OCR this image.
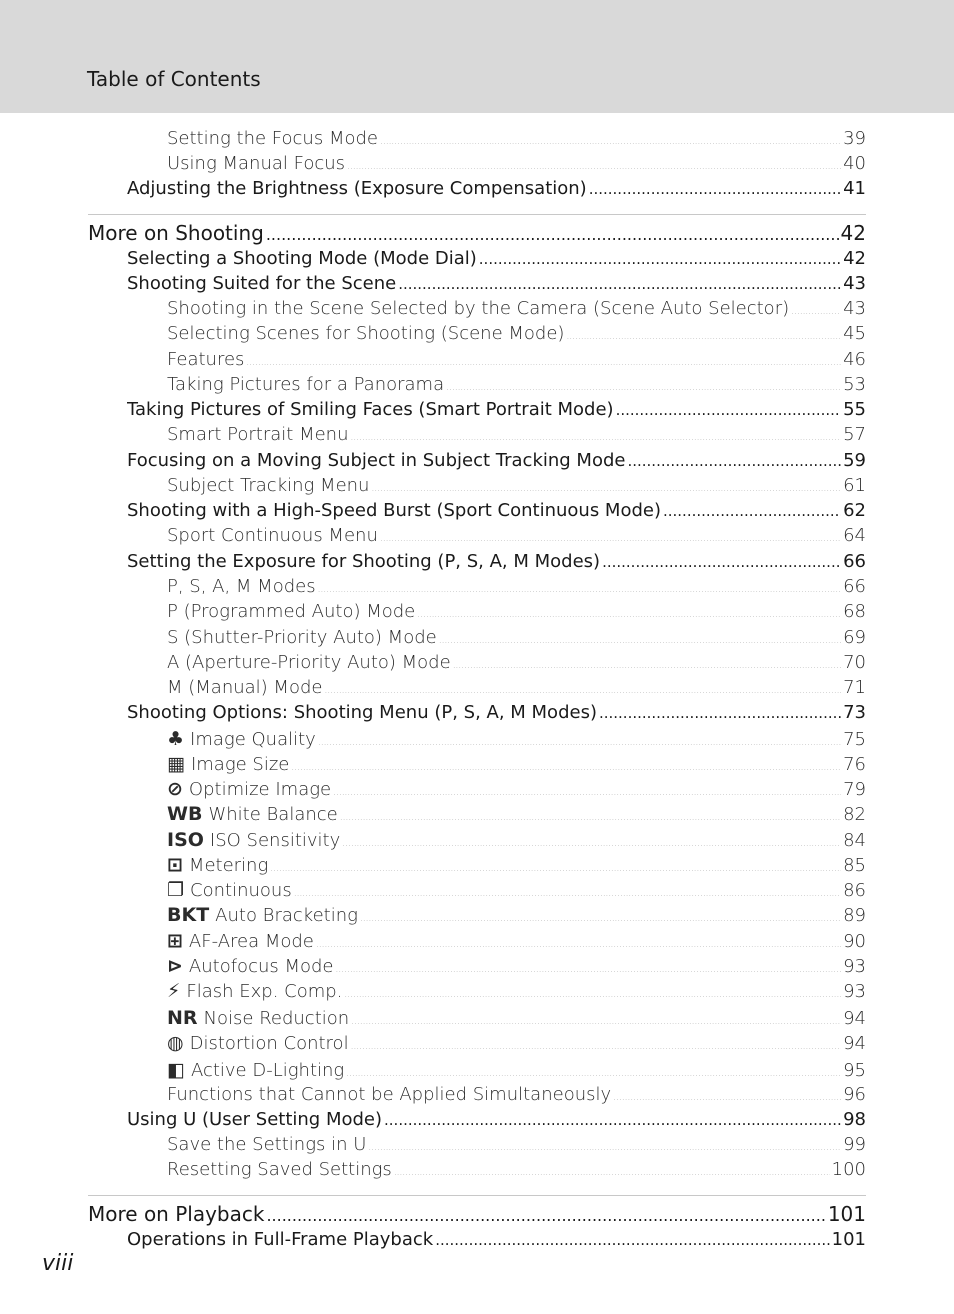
Table of Contents
Setting the Focus Mode .....	39
Using Manual Focus .....	40
Adjusting the Brightness (Exposure Compensation) .....	41
More on Shooting .....	42
Selecting a Shooting Mode (Mode Dial) .....	42
Shooting Suited for the Scene .....	43
Shooting in the Scene Selected by the Camera (Scene Auto Selector) .....	43
Selecting Scenes for Shooting (Scene Mode) .....	45
Features .....	46
Taking Pictures for a Panorama .....	53
Taking Pictures of Smiling Faces (Smart Portrait Mode) .....	55
Smart Portrait Menu .....	57
Focusing on a Moving Subject in Subject Tracking Mode .....	59
Subject Tracking Menu .....	61
Shooting with a High-Speed Burst (Sport Continuous Mode) .....	62
Sport Continuous Menu .....	64
Setting the Exposure for Shooting (P, S, A, M Modes) .....	66
P, S, A, M Modes .....	66
P (Programmed Auto) Mode .....	68
S (Shutter-Priority Auto) Mode .....	69
A (Aperture-Priority Auto) Mode .....	70
M (Manual) Mode .....	71
Shooting Options: Shooting Menu (P, S, A, M Modes) .....	73
♣ Image Quality .....	75
▦ Image Size .....	76
⊘ Optimize Image .....	79
WB White Balance .....	82
ISO ISO Sensitivity .....	84
⊡ Metering .....	85
❐ Continuous .....	86
BKT Auto Bracketing .....	89
⊞ AF-Area Mode .....	90
⊳ Autofocus Mode .....	93
⚡ Flash Exp. Comp. .....	93
NR Noise Reduction .....	94
◍ Distortion Control .....	94
◧ Active D-Lighting .....	95
Functions that Cannot be Applied Simultaneously .....	96
Using U (User Setting Mode) .....	98
Save the Settings in U .....	99
Resetting Saved Settings .....	100
More on Playback .....	101
Operations in Full-Frame Playback .....	101
viii
